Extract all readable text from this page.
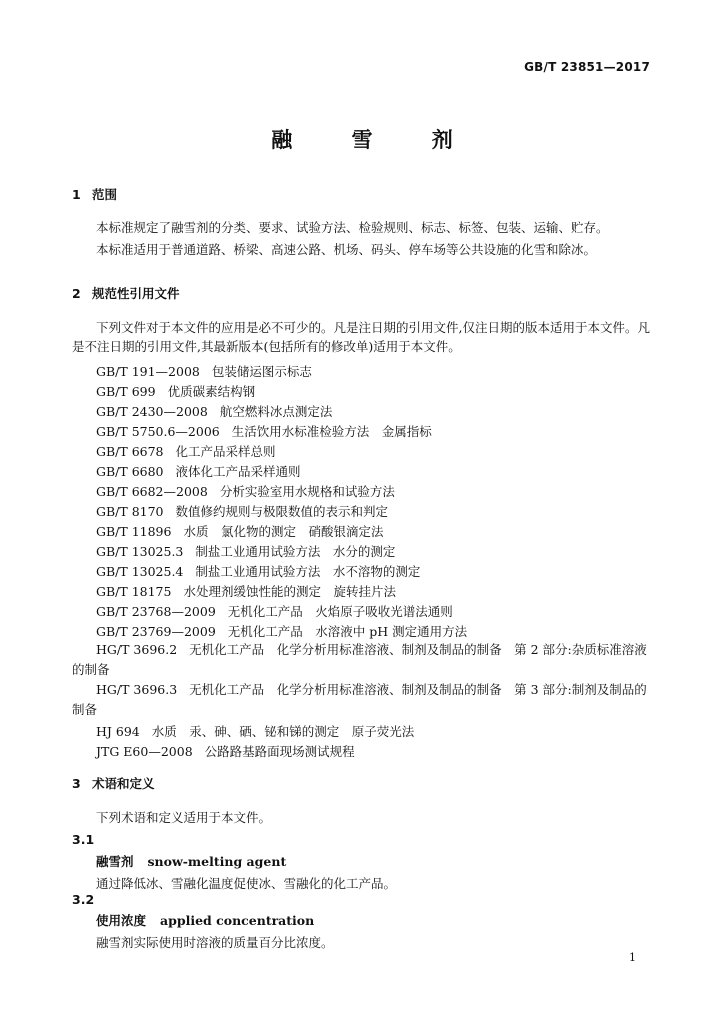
GB/T 23851—2017
融 雪 剂
1 范围

本标准规定了融雪剂的分类、要求、试验方法、检验规则、标志、标签、包装、运输、贮存。

本标准适用于普通道路、桥梁、高速公路、机场、码头、停车场等公共设施的化雪和除冰。

2 规范性引用文件

下列文件对于本文件的应用是必不可少的。凡是注日期的引用文件,仅注日期的版本适用于本文件。凡是不注日期的引用文件,其最新版本(包括所有的修改单)适用于本文件。

GB/T 191—2008 包装储运图示标志
GB/T 699 优质碳素结构钢
GB/T 2430—2008 航空燃料冰点测定法
GB/T 5750.6—2006 生活饮用水标准检验方法　金属指标
GB/T 6678 化工产品采样总则
GB/T 6680 液体化工产品采样通则
GB/T 6682—2008 分析实验室用水规格和试验方法
GB/T 8170 数值修约规则与极限数值的表示和判定
GB/T 11896 水质　氯化物的测定　硝酸银滴定法
GB/T 13025.3 制盐工业通用试验方法　水分的测定
GB/T 13025.4 制盐工业通用试验方法　水不溶物的测定
GB/T 18175 水处理剂缓蚀性能的测定　旋转挂片法
GB/T 23768—2009 无机化工产品　火焰原子吸收光谱法通则
GB/T 23769—2009 无机化工产品　水溶液中 pH 测定通用方法

HG/T 3696.2 无机化工产品　化学分析用标准溶液、制剂及制品的制备　第 2 部分:杂质标准溶液的制备

HG/T 3696.3 无机化工产品　化学分析用标准溶液、制剂及制品的制备　第 3 部分:制剂及制品的制备

HJ 694 水质　汞、砷、硒、铋和锑的测定　原子荧光法
JTG E60—2008 公路路基路面现场测试规程
3 术语和定义

下列术语和定义适用于本文件。

3.1
融雪剂 snow-melting agent
通过降低冰、雪融化温度促使冰、雪融化的化工产品。
3.2
使用浓度 applied concentration
融雪剂实际使用时溶液的质量百分比浓度。
1
